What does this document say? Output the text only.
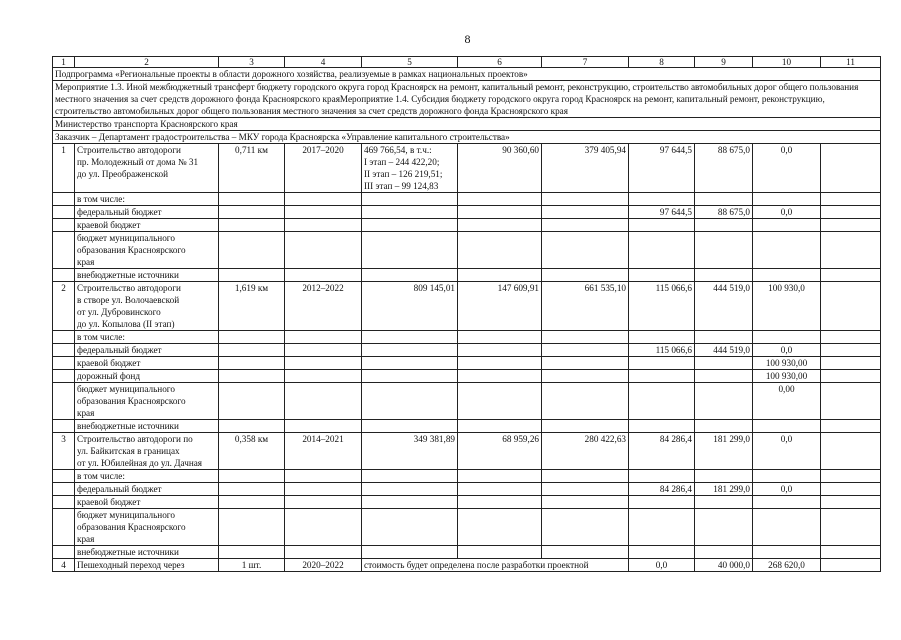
8
1	2	3	4	5	6	7	8	9	10	11
Подпрограмма «Региональные проекты в области дорожного хозяйства, реализуемые в рамках национальных проектов»										
Мероприятие 1.3. Иной межбюджетный трансферт бюджету городского округа город Красноярск на ремонт, капитальный ремонт, реконструкцию, строительство автомобильных дорог общего пользования местного значения за счет средств дорожного фонда Красноярского краяМероприятие 1.4. Субсидия бюджету городского округа город Красноярск на ремонт, капитальный ремонт, реконструкцию, строительство автомобильных дорог общего пользования местного значения за счет средств дорожного фонда Красноярского края										
Министерство транспорта Красноярского края										
Заказчик – Департамент градостроительства – МКУ города Красноярска «Управление капитального строительства»										
1	Строительство автодороги
пр. Молодежный от дома № 31
до ул. Преображенской	0,711 км	2017–2020	469 766,54, в т.ч.:
I этап – 244 422,20;
II этап – 126 219,51;
III этап – 99 124,83	90 360,60	379 405,94	97 644,5	88 675,0	0,0	
	в том числе:									
	федеральный бюджет						97 644,5	88 675,0	0,0	
	краевой бюджет									
	бюджет муниципального
образования Красноярского
края									
	внебюджетные источники									
2	Строительство автодороги
в створе ул. Волочаевской
от ул. Дубровинского
до ул. Копылова (II этап)	1,619 км	2012–2022	809 145,01	147 609,91	661 535,10	115 066,6	444 519,0	100 930,0	
	в том числе:									
	федеральный бюджет						115 066,6	444 519,0	0,0	
	краевой бюджет								100 930,00	
	дорожный фонд								100 930,00	
	бюджет муниципального
образования Красноярского
края								0,00	
	внебюджетные источники									
3	Строительство автодороги по
ул. Байкитская в границах
от ул. Юбилейная до ул. Дачная	0,358 км	2014–2021	349 381,89	68 959,26	280 422,63	84 286,4	181 299,0	0,0	
	в том числе:									
	федеральный бюджет						84 286,4	181 299,0	0,0	
	краевой бюджет									
	бюджет муниципального
образования Красноярского
края									
	внебюджетные источники									
4	Пешеходный переход через	1 шт.	2020–2022	стоимость будет определена после разработки проектной			0,0	40 000,0	268 620,0	
